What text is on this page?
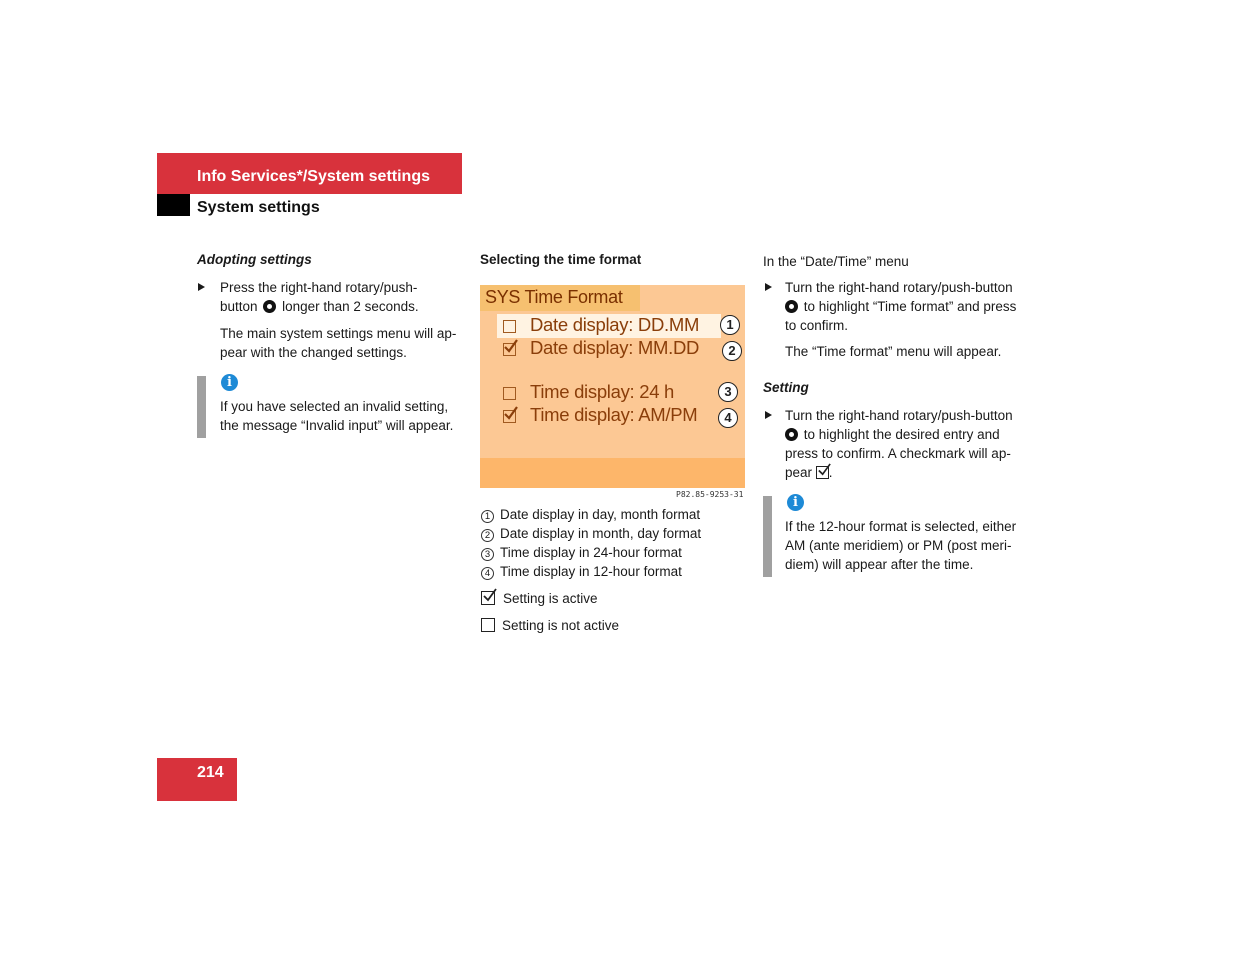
Info Services*/System settings
System settings
Adopting settings
Press the right-hand rotary/push-
button longer than 2 seconds.
The main system settings menu will ap-
pear with the changed settings.
i
If you have selected an invalid setting,
the message “Invalid input” will appear.
Selecting the time format
SYS Time Format
Date display: DD.MM
Date display: MM.DD
Time display: 24 h
Time display: AM/PM
1
2
3
4
P82.85-9253-31
1 Date display in day, month format
2 Date display in month, day format
3 Time display in 24-hour format
4 Time display in 12-hour format
Setting is active
Setting is not active
In the “Date/Time” menu
Turn the right-hand rotary/push-button
to highlight “Time format” and press
to confirm.
The “Time format” menu will appear.
Setting
Turn the right-hand rotary/push-button
to highlight the desired entry and
press to confirm. A checkmark will ap-
pear .
i
If the 12-hour format is selected, either
AM (ante meridiem) or PM (post meri-
diem) will appear after the time.
214
